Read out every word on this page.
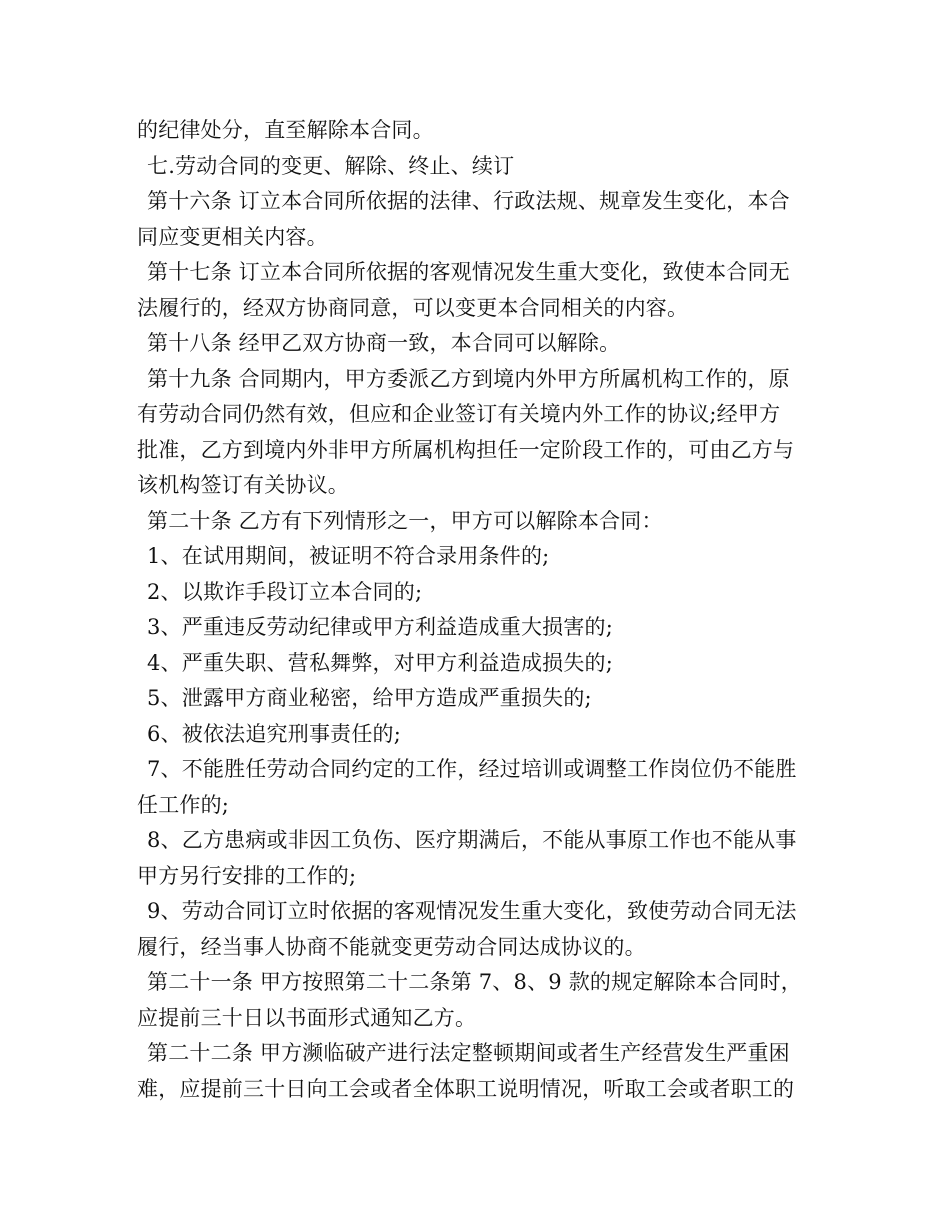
的纪律处分，直至解除本合同。
七.劳动合同的变更、解除、终止、续订
第十六条 订立本合同所依据的法律、行政法规、规章发生变化，本合
同应变更相关内容。
第十七条 订立本合同所依据的客观情况发生重大变化，致使本合同无
法履行的，经双方协商同意，可以变更本合同相关的内容。
第十八条 经甲乙双方协商一致，本合同可以解除。
第十九条 合同期内，甲方委派乙方到境内外甲方所属机构工作的，原
有劳动合同仍然有效，但应和企业签订有关境内外工作的协议;经甲方
批准，乙方到境内外非甲方所属机构担任一定阶段工作的，可由乙方与
该机构签订有关协议。
第二十条 乙方有下列情形之一，甲方可以解除本合同：
1、在试用期间，被证明不符合录用条件的;
2、以欺诈手段订立本合同的;
3、严重违反劳动纪律或甲方利益造成重大损害的;
4、严重失职、营私舞弊，对甲方利益造成损失的;
5、泄露甲方商业秘密，给甲方造成严重损失的;
6、被依法追究刑事责任的;
7、不能胜任劳动合同约定的工作，经过培训或调整工作岗位仍不能胜
任工作的;
8、乙方患病或非因工负伤、医疗期满后，不能从事原工作也不能从事
甲方另行安排的工作的;
9、劳动合同订立时依据的客观情况发生重大变化，致使劳动合同无法
履行，经当事人协商不能就变更劳动合同达成协议的。
第二十一条 甲方按照第二十二条第 7、8、9 款的规定解除本合同时，
应提前三十日以书面形式通知乙方。
第二十二条 甲方濒临破产进行法定整顿期间或者生产经营发生严重困
难，应提前三十日向工会或者全体职工说明情况，听取工会或者职工的
